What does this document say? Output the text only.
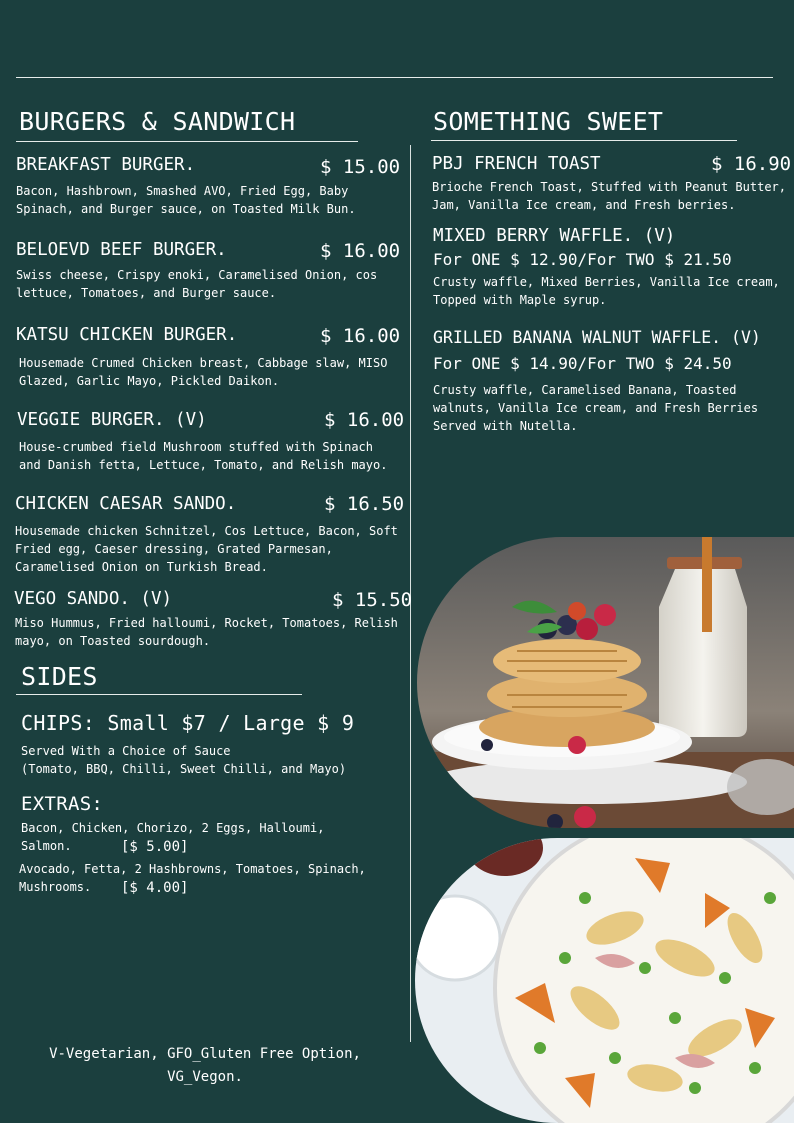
BURGERS & SANDWICH
BREAKFAST BURGER.	$ 15.00
Bacon, Hashbrown, Smashed AVO, Fried Egg, Baby
Spinach, and Burger sauce, on Toasted Milk Bun.
BELOEVD BEEF BURGER.	$ 16.00
Swiss cheese, Crispy enoki, Caramelised Onion, cos
lettuce, Tomatoes, and Burger sauce.
KATSU CHICKEN BURGER.	$ 16.00
Housemade Crumed Chicken breast, Cabbage slaw, MISO
Glazed, Garlic Mayo, Pickled Daikon.
VEGGIE BURGER. (V)	$ 16.00
House-crumbed field Mushroom stuffed with Spinach
and Danish fetta, Lettuce, Tomato, and Relish mayo.
CHICKEN CAESAR SANDO.	$ 16.50
Housemade chicken Schnitzel, Cos Lettuce, Bacon, Soft
Fried egg, Caeser dressing, Grated Parmesan,
Caramelised Onion on Turkish Bread.
VEGO SANDO. (V)	$ 15.50
Miso Hummus, Fried halloumi, Rocket, Tomatoes, Relish
mayo, on Toasted sourdough.
SIDES
CHIPS: Small $7 / Large $ 9
Served With a Choice of Sauce
(Tomato, BBQ, Chilli, Sweet Chilli, and Mayo)
EXTRAS:
Bacon, Chicken, Chorizo, 2 Eggs, Halloumi,
Salmon.	[$ 5.00]
Avocado, Fetta, 2 Hashbrowns, Tomatoes, Spinach,
Mushrooms.	[$ 4.00]
V-Vegetarian, GFO_Gluten Free Option,
VG_Vegon.
SOMETHING SWEET
PBJ FRENCH TOAST	$ 16.90
Brioche French Toast, Stuffed with Peanut Butter,
Jam, Vanilla Ice cream, and Fresh berries.
MIXED BERRY WAFFLE. (V)
For ONE $ 12.90/For TWO $ 21.50
Crusty waffle, Mixed Berries, Vanilla Ice cream,
Topped with Maple syrup.
GRILLED BANANA WALNUT WAFFLE. (V)
For ONE $ 14.90/For TWO $ 24.50
Crusty waffle, Caramelised Banana, Toasted
walnuts, Vanilla Ice cream, and Fresh Berries
Served with Nutella.
